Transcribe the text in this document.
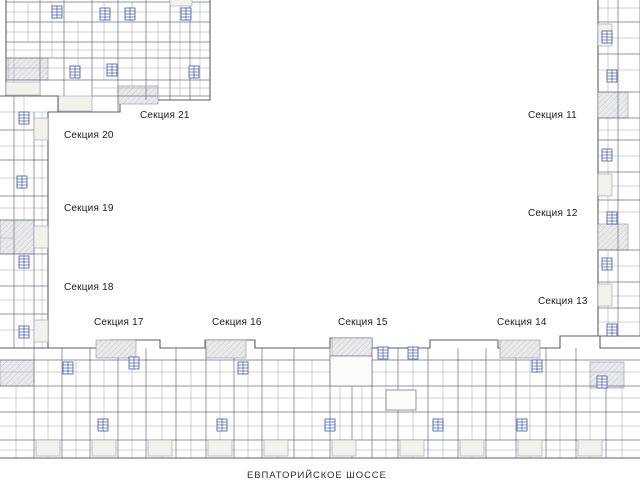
Секция 21
Секция 20
Секция 19
Секция 18
Секция 17	Секция 16	Секция 15	Секция 14
Секция 13
Секция 12
Секция 11
ЕВПАТОРИЙСКОЕ ШОССЕ
